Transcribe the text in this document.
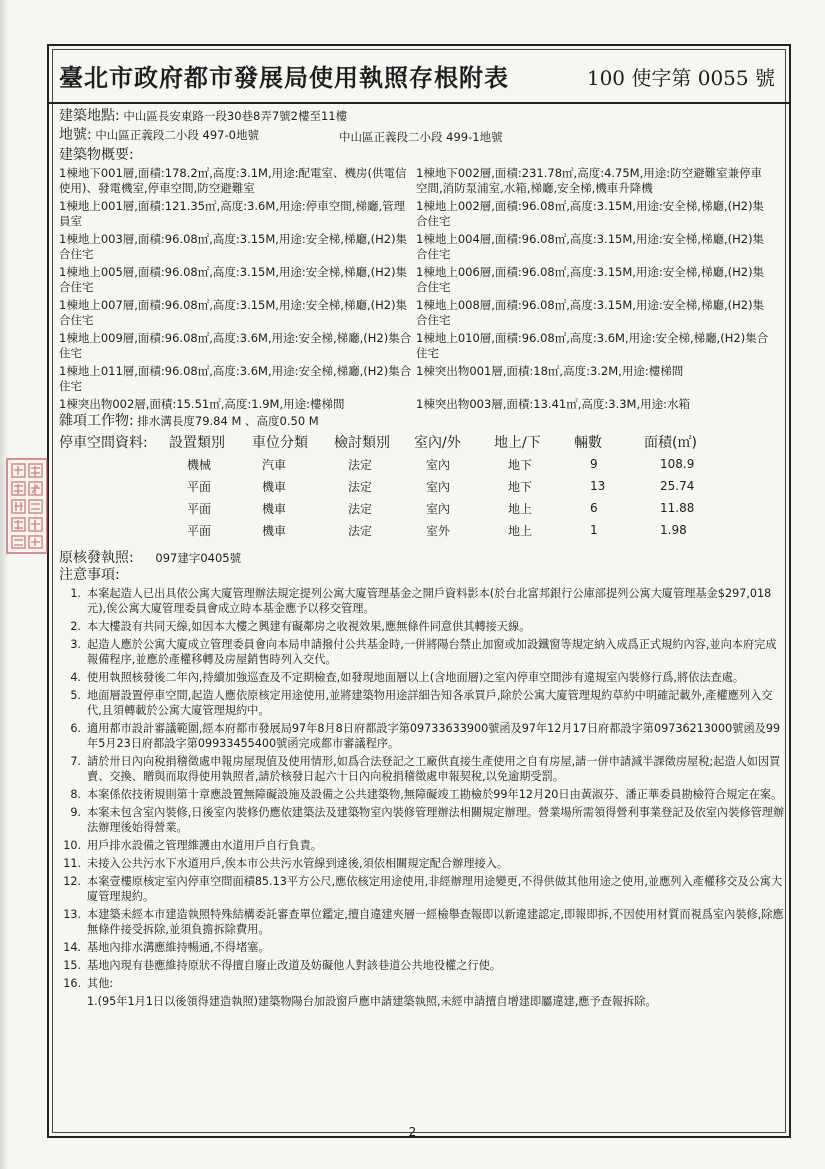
臺北市政府都市發展局使用執照存根附表	100 使字第 0055 號
建築地點: 中山區長安東路一段30巷8弄7號2樓至11樓
地號: 中山區正義段二小段 497-0地號	中山區正義段二小段 499-1地號
建築物概要:
1棟地下001層,面積:178.2㎡,高度:3.1M,用途:配電室、機房(供電信使用)、發電機室,停車空間,防空避難室
1棟地下002層,面積:231.78㎡,高度:4.75M,用途:防空避難室兼停車空間,消防泵浦室,水箱,梯廳,安全梯,機車升降機
1棟地上001層,面積:121.35㎡,高度:3.6M,用途:停車空間,梯廳,管理員室
1棟地上002層,面積:96.08㎡,高度:3.15M,用途:安全梯,梯廳,(H2)集合住宅
1棟地上003層,面積:96.08㎡,高度:3.15M,用途:安全梯,梯廳,(H2)集合住宅
1棟地上004層,面積:96.08㎡,高度:3.15M,用途:安全梯,梯廳,(H2)集合住宅
1棟地上005層,面積:96.08㎡,高度:3.15M,用途:安全梯,梯廳,(H2)集合住宅
1棟地上006層,面積:96.08㎡,高度:3.15M,用途:安全梯,梯廳,(H2)集合住宅
1棟地上007層,面積:96.08㎡,高度:3.15M,用途:安全梯,梯廳,(H2)集合住宅
1棟地上008層,面積:96.08㎡,高度:3.15M,用途:安全梯,梯廳,(H2)集合住宅
1棟地上009層,面積:96.08㎡,高度:3.6M,用途:安全梯,梯廳,(H2)集合住宅
1棟地上010層,面積:96.08㎡,高度:3.6M,用途:安全梯,梯廳,(H2)集合住宅
1棟地上011層,面積:96.08㎡,高度:3.6M,用途:安全梯,梯廳,(H2)集合住宅
1棟突出物001層,面積:18㎡,高度:3.2M,用途:樓梯間
1棟突出物002層,面積:15.51㎡,高度:1.9M,用途:樓梯間	1棟突出物003層,面積:13.41㎡,高度:3.3M,用途:水箱
雜項工作物: 排水溝長度79.84 M 、高度0.50 M
停車空間資料:	設置類別	車位分類	檢討類別	室內/外	地上/下	輛數	面積(㎡)
	機械	汽車	法定	室內	地下	9	108.9
	平面	機車	法定	室內	地下	13	25.74
	平面	機車	法定	室內	地上	6	11.88
	平面	機車	法定	室外	地上	1	1.98
原核發執照: 097建字0405號
注意事項:
1. 本案起造人已出具依公寓大廈管理辦法規定提列公寓大廈管理基金之開戶資料影本(於台北富邦銀行公庫部提列公寓大廈管理基金$297,018元),俟公寓大廈管理委員會成立時本基金應予以移交管理。
2. 本大樓設有共同天線,如因本大樓之興建有礙鄰房之收視效果,應無條件同意供其轉接天線。
3. 起造人應於公寓大廈成立管理委員會向本局申請撥付公共基金時,一併將陽台禁止加窗或加設鐵窗等規定納入成爲正式規約內容,並向本府完成報備程序,並應於產權移轉及房屋銷售時列入交代。
4. 使用執照核發後二年內,持續加強巡查及不定期檢查,如發現地面層以上(含地面層)之室內停車空間涉有違規室內裝修行爲,將依法查處。
5. 地面層設置停車空間,起造人應依原核定用途使用,並將建築物用途詳細告知各承買戶,除於公寓大廈管理規約草約中明確記載外,產權應列入交代,且須轉載於公寓大廈管理規約中。
6. 適用都市設計審議範圍,經本府都市發展局97年8月8日府都設字第09733633900號函及97年12月17日府都設字第09736213000號函及99年5月23日府都設字第09933455400號函完成都市審議程序。
7. 請於卅日內向稅捐稽徵處申報房屋現值及使用情形,如爲合法登記之工廠供直接生產使用之自有房屋,請一併申請減半課徵房屋稅;起造人如因買賣、交換、贈與而取得使用執照者,請於核發日起六十日內向稅捐稽徵處申報契稅,以免逾期受罰。
8. 本案係依技術規則第十章應設置無障礙設施及設備之公共建築物,無障礙竣工勘檢於99年12月20日由黃淑芬、潘正華委員勘檢符合規定在案。
9. 本案未包含室內裝修,日後室內裝修仍應依建築法及建築物室內裝修管理辦法相關規定辦理。營業場所需領得營利事業登記及依室內裝修管理辦法辦理後始得營業。
10. 用戶排水設備之管理維護由水道用戶自行負責。
11. 未接入公共污水下水道用戶,俟本市公共污水管線到達後,須依相關規定配合辦理接入。
12. 本案壹樓原核定室內停車空間面積85.13平方公尺,應依核定用途使用,非經辦理用途變更,不得供做其他用途之使用,並應列入產權移交及公寓大廈管理規約。
13. 本建築未經本市建造執照特殊結構委託審查單位鑑定,擅自違建夾層一經檢舉查報即以新違建認定,即報即拆,不因使用材質而視爲室內裝修,除應無條件接受拆除,並須負擔拆除費用。
14. 基地內排水溝應維持暢通,不得堵塞。
15. 基地內現有巷應維持原狀不得擅自廢止改道及妨礙他人對該巷道公共地役權之行使。
16. 其他:
1.(95年1月1日以後領得建造執照)建築物陽台加設窗戶應申請建築執照,未經申請擅自增建即屬違建,應予查報拆除。
2
